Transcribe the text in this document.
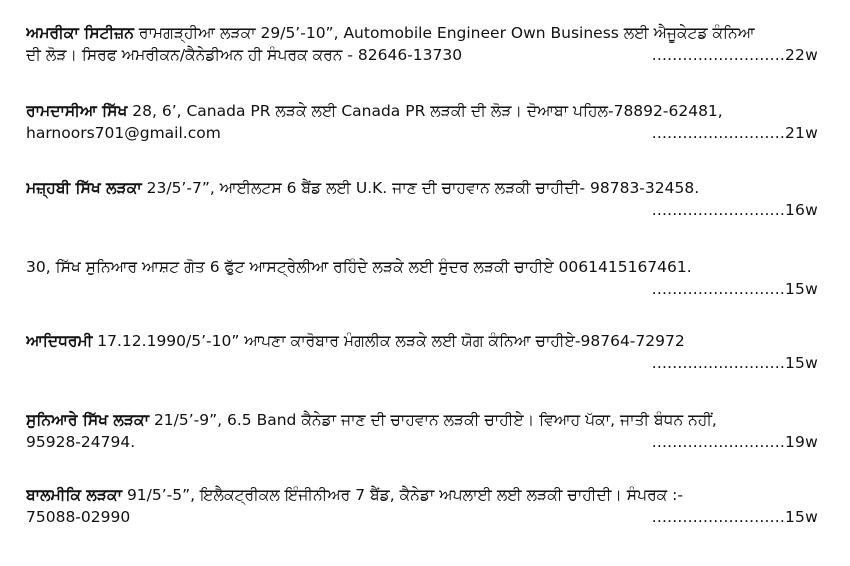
ਅਮਰੀਕਾ ਸਿਟੀਜ਼ਨ ਰਾਮਗੜ੍ਹੀਆ ਲੜਕਾ 29/5’-10”, Automobile Engineer Own Business ਲਈ ਐਜੂਕੇਟਡ ਕੰਨਿਆ
ਦੀ ਲੋੜ। ਸਿਰਫ ਅਮਰੀਕਨ/ਕੈਨੇਡੀਅਨ ਹੀ ਸੰਪਰਕ ਕਰਨ - 82646-13730	..........................22w
ਰਾਮਦਾਸੀਆ ਸਿੱਖ 28, 6’, Canada PR ਲੜਕੇ ਲਈ Canada PR ਲੜਕੀ ਦੀ ਲੋੜ। ਦੋਆਬਾ ਪਹਿਲ-78892-62481,
harnoors701@gmail.com	..........................21w
ਮਜ਼੍ਹਬੀ ਸਿੱਖ ਲੜਕਾ 23/5’-7”, ਆਈਲਟਸ 6 ਬੈਂਡ ਲਈ U.K. ਜਾਣ ਦੀ ਚਾਹਵਾਨ ਲੜਕੀ ਚਾਹੀਦੀ- 98783-32458.
..........................16w
30, ਸਿੱਖ ਸੁਨਿਆਰ ਆਸ਼ਟ ਗੋਤ 6 ਫੁੱਟ ਆਸਟ੍ਰੇਲੀਆ ਰਹਿੰਦੇ ਲੜਕੇ ਲਈ ਸੁੰਦਰ ਲੜਕੀ ਚਾਹੀਏ 0061415167461.
..........................15w
ਆਦਿਧਰਮੀ 17.12.1990/5’-10” ਆਪਣਾ ਕਾਰੋਬਾਰ ਮੰਗਲੀਕ ਲੜਕੇ ਲਈ ਯੋਗ ਕੰਨਿਆ ਚਾਹੀਏ-98764-72972
..........................15w
ਸੁਨਿਆਰੇ ਸਿੱਖ ਲੜਕਾ 21/5’-9”, 6.5 Band ਕੈਨੇਡਾ ਜਾਣ ਦੀ ਚਾਹਵਾਨ ਲੜਕੀ ਚਾਹੀਏ। ਵਿਆਹ ਪੱਕਾ, ਜਾਤੀ ਬੰਧਨ ਨਹੀਂ,
95928-24794.	..........................19w
ਬਾਲਮੀਕਿ ਲੜਕਾ 91/5’-5”, ਇਲੈਕਟ੍ਰੀਕਲ ਇੰਜੀਨੀਅਰ 7 ਬੈਂਡ, ਕੈਨੇਡਾ ਅਪਲਾਈ ਲਈ ਲੜਕੀ ਚਾਹੀਦੀ। ਸੰਪਰਕ :-
75088-02990	..........................15w
